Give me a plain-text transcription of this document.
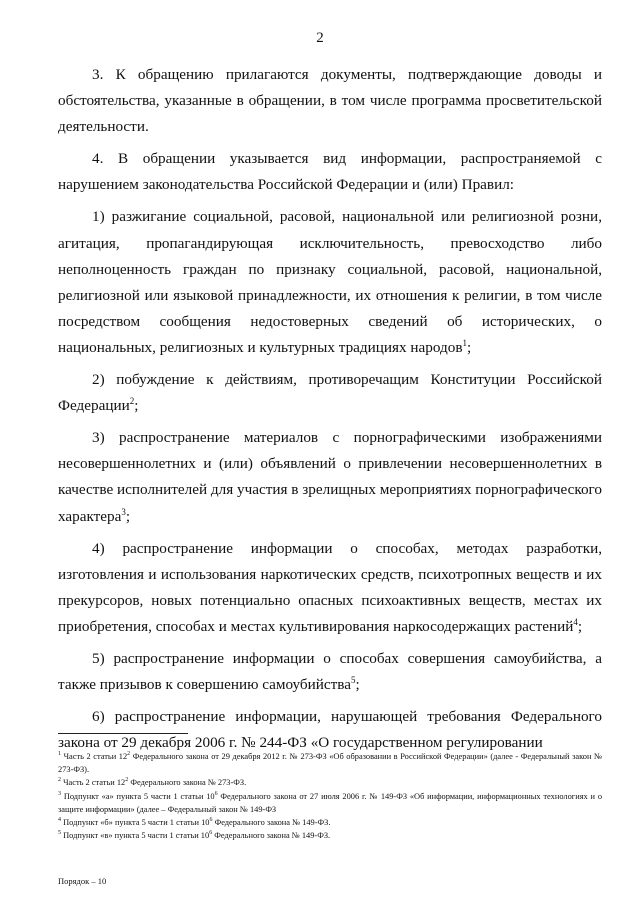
2

3. К обращению прилагаются документы, подтверждающие доводы и обстоятельства, указанные в обращении, в том числе программа просветительской деятельности.

4. В обращении указывается вид информации, распространяемой с нарушением законодательства Российской Федерации и (или) Правил:

1) разжигание социальной, расовой, национальной или религиозной розни, агитация, пропагандирующая исключительность, превосходство либо неполноценность граждан по признаку социальной, расовой, национальной, религиозной или языковой принадлежности, их отношения к религии, в том числе посредством сообщения недостоверных сведений об исторических, о национальных, религиозных и культурных традициях народов$^1$;

2) побуждение к действиям, противоречащим Конституции Российской Федерации$^2$;

3) распространение материалов с порнографическими изображениями несовершеннолетних и (или) объявлений о привлечении несовершеннолетних в качестве исполнителей для участия в зрелищных мероприятиях порнографического характера$^3$;

4) распространение информации о способах, методах разработки, изготовления и использования наркотических средств, психотропных веществ и их прекурсоров, новых потенциально опасных психоактивных веществ, местах их приобретения, способах и местах культивирования наркосодержащих растений$^4$;

5) распространение информации о способах совершения самоубийства, а также призывов к совершению самоубийства$^5$;

6) распространение информации, нарушающей требования Федерального закона от 29 декабря 2006 г. № 244-ФЗ «О государственном регулировании

$^1$ Часть 2 статьи $12^2$ Федерального закона от 29 декабря 2012 г. № 273-ФЗ «Об образовании в Российской Федерации» (далее - Федеральный закон № 273-ФЗ).

$^2$ Часть 2 статьи $12^2$ Федерального закона № 273-ФЗ.

$^3$ Подпункт «а» пункта 5 части 1 статьи $10^6$ Федерального закона от 27 июля 2006 г. № 149-ФЗ «Об информации, информационных технологиях и о защите информации» (далее – Федеральный закон № 149-ФЗ

$^4$ Подпункт «б» пункта 5 части 1 статьи $10^6$ Федерального закона № 149-ФЗ.

$^5$ Подпункт «в» пункта 5 части 1 статьи $10^6$ Федерального закона № 149-ФЗ.

Порядок – 10
